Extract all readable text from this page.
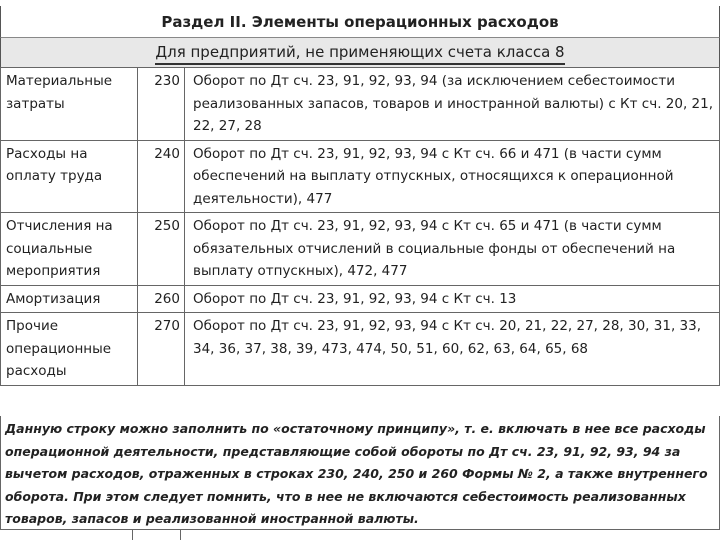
Раздел II. Элементы операционных расходов
Для предприятий, не применяющих счета класса 8
Материальные затраты	230	Оборот по Дт сч. 23, 91, 92, 93, 94 (за исключением себестоимости реализованных запасов, товаров и иностранной валюты) с Кт сч. 20, 21, 22, 27, 28
Расходы на оплату труда	240	Оборот по Дт сч. 23, 91, 92, 93, 94 с Кт сч. 66 и 471 (в части сумм обеспечений на выплату отпускных, относящихся к операционной деятельности), 477
Отчисления на социальные мероприятия	250	Оборот по Дт сч. 23, 91, 92, 93, 94 с Кт сч. 65 и 471 (в части сумм обязательных отчислений в социальные фонды от обеспечений на выплату отпускных), 472, 477
Амортизация	260	Оборот по Дт сч. 23, 91, 92, 93, 94 с Кт сч. 13
Прочие операционные расходы	270	Оборот по Дт сч. 23, 91, 92, 93, 94 с Кт сч. 20, 21, 22, 27, 28, 30, 31, 33, 34, 36, 37, 38, 39, 473, 474, 50, 51, 60, 62, 63, 64, 65, 68
Данную строку можно заполнить по «остаточному принципу», т. е. включать в нее все расходы операционной деятельности, представляющие собой обороты по Дт сч. 23, 91, 92, 93, 94 за вычетом расходов, отраженных в строках 230, 240, 250 и 260 Формы № 2, а также внутреннего оборота. При этом следует помнить, что в нее не включаются себестоимость реализованных товаров, запасов и реализованной иностранной валюты.
